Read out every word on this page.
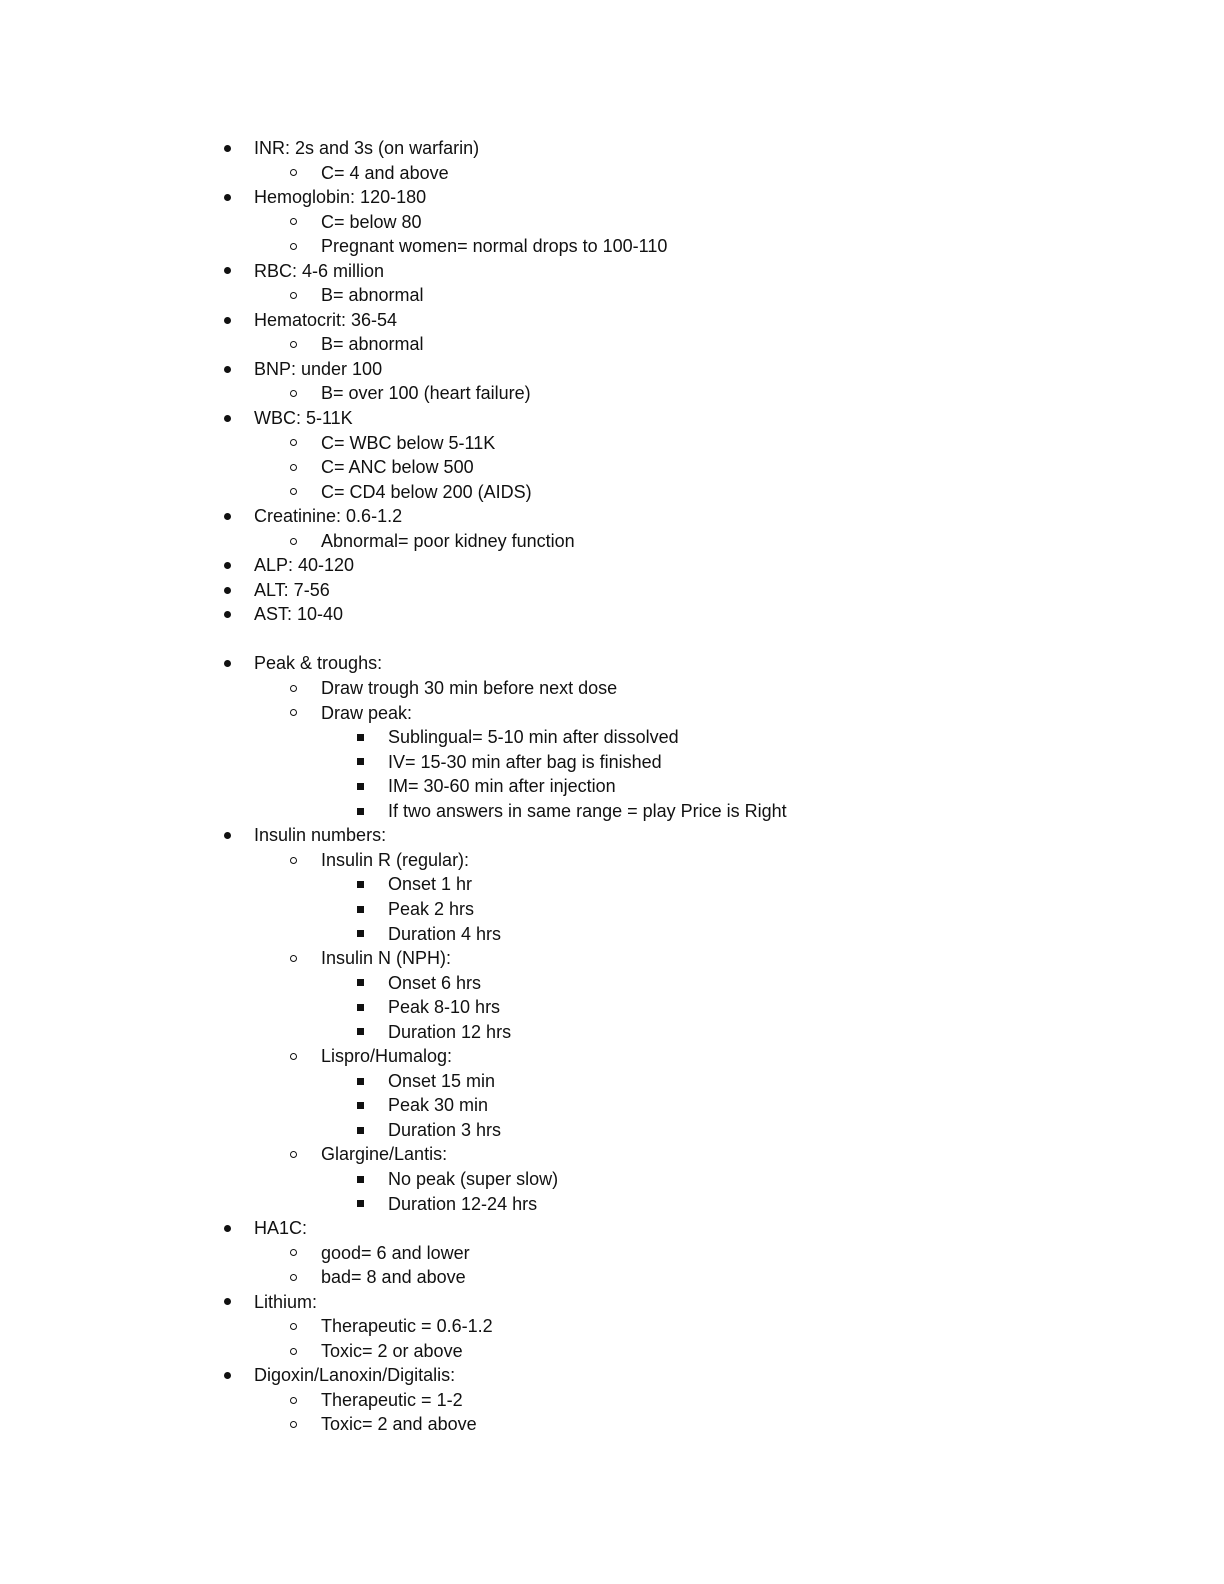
INR: 2s and 3s (on warfarin)
C= 4 and above
Hemoglobin: 120-180
C= below 80
Pregnant women= normal drops to 100-110
RBC: 4-6 million
B= abnormal
Hematocrit: 36-54
B= abnormal
BNP: under 100
B= over 100 (heart failure)
WBC: 5-11K
C= WBC below 5-11K
C= ANC below 500
C= CD4 below 200 (AIDS)
Creatinine: 0.6-1.2
Abnormal= poor kidney function
ALP: 40-120
ALT: 7-56
AST: 10-40
Peak & troughs:
Draw trough 30 min before next dose
Draw peak:
Sublingual= 5-10 min after dissolved
IV= 15-30 min after bag is finished
IM= 30-60 min after injection
If two answers in same range = play Price is Right
Insulin numbers:
Insulin R (regular):
Onset 1 hr
Peak 2 hrs
Duration 4 hrs
Insulin N (NPH):
Onset 6 hrs
Peak 8-10 hrs
Duration 12 hrs
Lispro/Humalog:
Onset 15 min
Peak 30 min
Duration 3 hrs
Glargine/Lantis:
No peak (super slow)
Duration 12-24 hrs
HA1C:
good= 6 and lower
bad= 8 and above
Lithium:
Therapeutic = 0.6-1.2
Toxic= 2 or above
Digoxin/Lanoxin/Digitalis:
Therapeutic = 1-2
Toxic= 2 and above
